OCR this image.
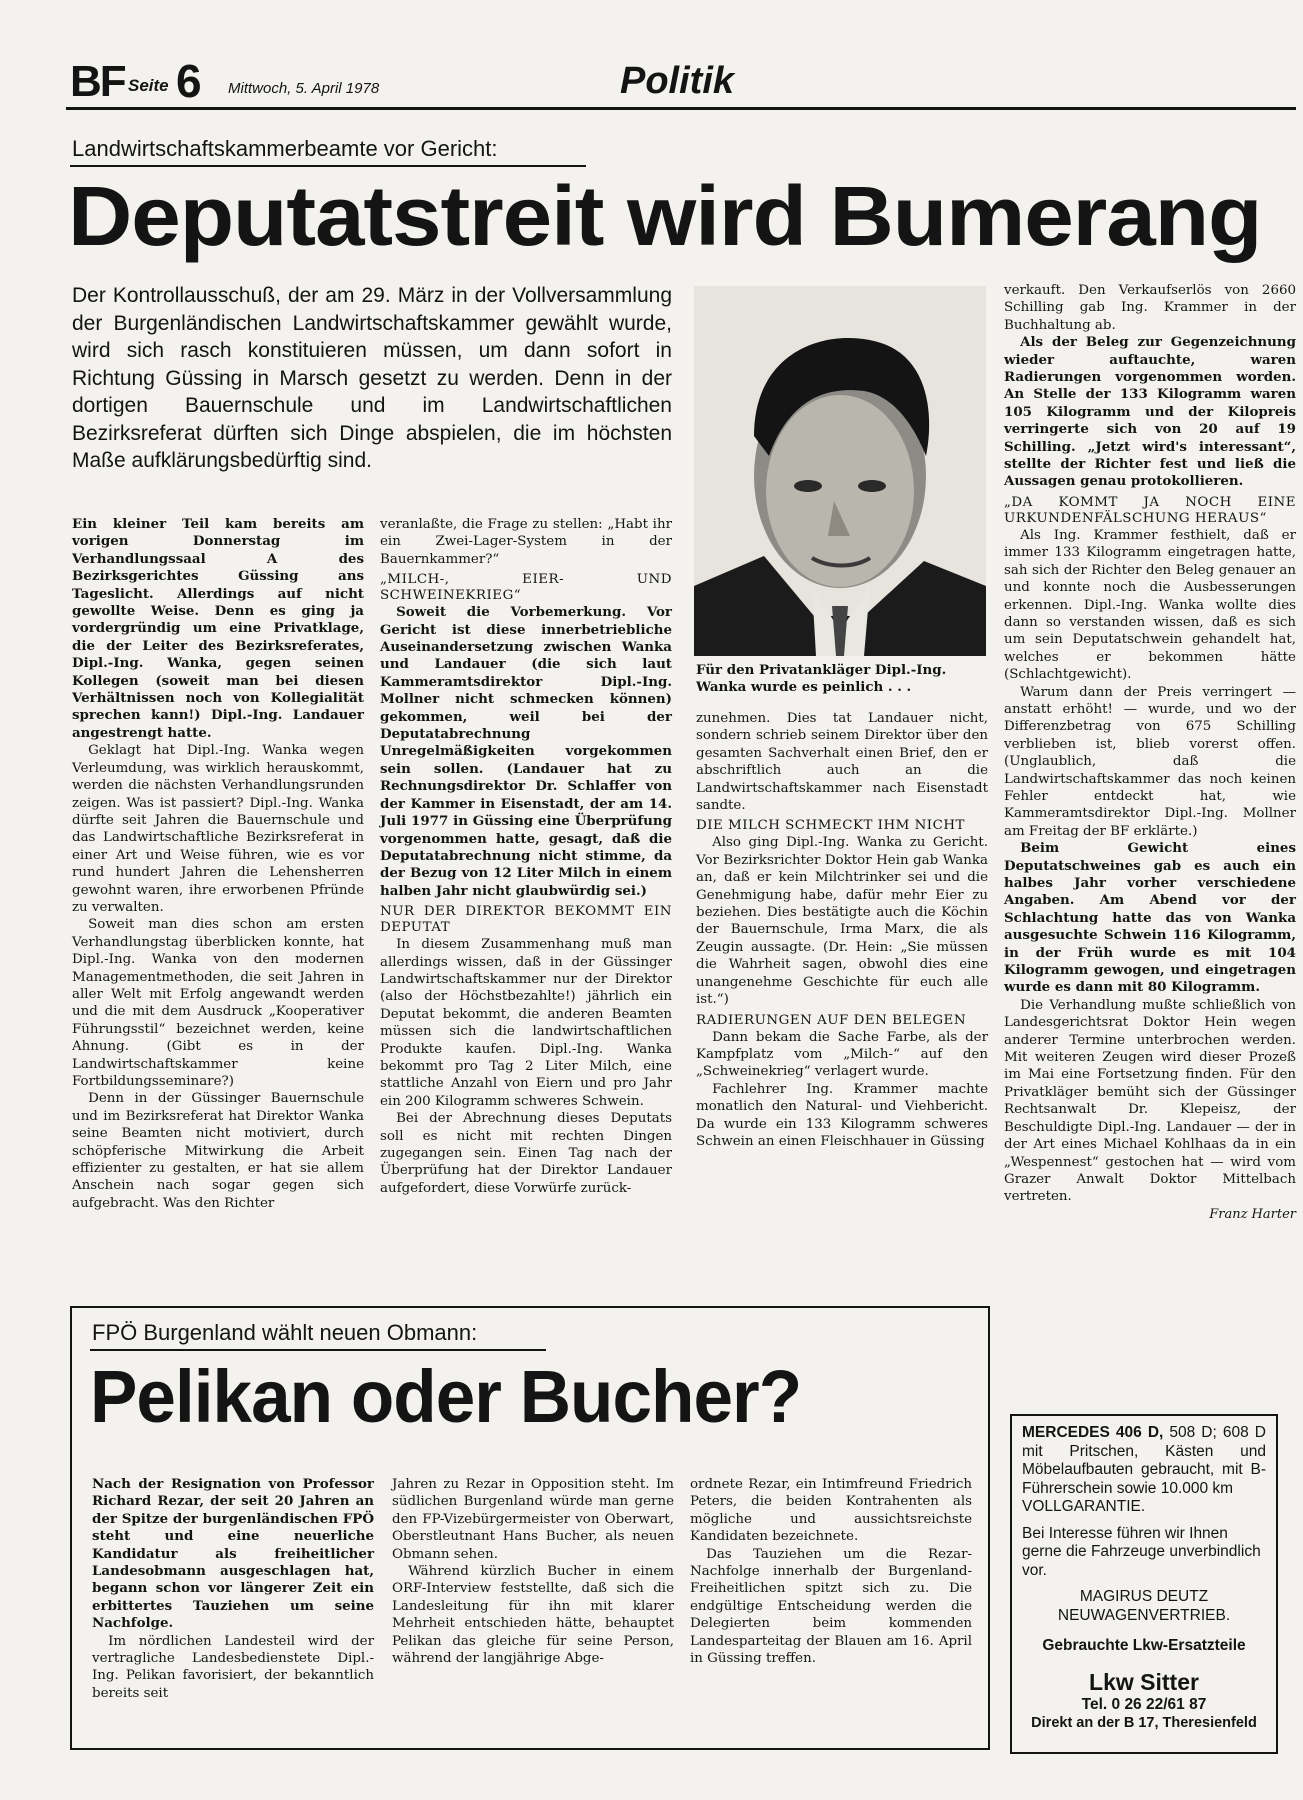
BF Seite 6 Mittwoch, 5. April 1978	Politik
Landwirtschaftskammerbeamte vor Gericht:
Deputatstreit wird Bumerang

Der Kontrollausschuß, der am 29. März in der Vollversammlung der Burgenländischen Landwirtschaftskammer gewählt wurde, wird sich rasch konstituieren müssen, um dann sofort in Richtung Güssing in Marsch gesetzt zu werden. Denn in der dortigen Bauernschule und im Landwirtschaftlichen Bezirksreferat dürften sich Dinge abspielen, die im höchsten Maße aufklärungsbedürftig sind.

Ein kleiner Teil kam bereits am vorigen Donnerstag im Verhandlungssaal A des Bezirksgerichtes Güssing ans Tageslicht. Allerdings auf nicht gewollte Weise. Denn es ging ja vordergründig um eine Privatklage, die der Leiter des Bezirksreferates, Dipl.-Ing. Wanka, gegen seinen Kollegen (soweit man bei diesen Verhältnissen noch von Kollegialität sprechen kann!) Dipl.-Ing. Landauer angestrengt hatte.

Geklagt hat Dipl.-Ing. Wanka wegen Verleumdung, was wirklich herauskommt, werden die nächsten Verhandlungsrunden zeigen. Was ist passiert? Dipl.-Ing. Wanka dürfte seit Jahren die Bauernschule und das Landwirtschaftliche Bezirksreferat in einer Art und Weise führen, wie es vor rund hundert Jahren die Lehensherren gewohnt waren, ihre erworbenen Pfründe zu verwalten.

Soweit man dies schon am ersten Verhandlungstag überblicken konnte, hat Dipl.-Ing. Wanka von den modernen Managementmethoden, die seit Jahren in aller Welt mit Erfolg angewandt werden und die mit dem Ausdruck „Kooperativer Führungsstil“ bezeichnet werden, keine Ahnung. (Gibt es in der Landwirtschaftskammer keine Fortbildungsseminare?)

Denn in der Güssinger Bauernschule und im Bezirksreferat hat Direktor Wanka seine Beamten nicht motiviert, durch schöpferische Mitwirkung die Arbeit effizienter zu gestalten, er hat sie allem Anschein nach sogar gegen sich aufgebracht. Was den Richter

veranlaßte, die Frage zu stellen: „Habt ihr ein Zwei-Lager-System in der Bauernkammer?“

„MILCH-, EIER- UND SCHWEINEKRIEG“

Soweit die Vorbemerkung. Vor Gericht ist diese innerbetriebliche Auseinandersetzung zwischen Wanka und Landauer (die sich laut Kammeramtsdirektor Dipl.-Ing. Mollner nicht schmecken können) gekommen, weil bei der Deputatabrechnung Unregelmäßigkeiten vorgekommen sein sollen. (Landauer hat zu Rechnungsdirektor Dr. Schlaffer von der Kammer in Eisenstadt, der am 14. Juli 1977 in Güssing eine Überprüfung vorgenommen hatte, gesagt, daß die Deputatabrechnung nicht stimme, da der Bezug von 12 Liter Milch in einem halben Jahr nicht glaubwürdig sei.)

NUR DER DIREKTOR BEKOMMT EIN DEPUTAT

In diesem Zusammenhang muß man allerdings wissen, daß in der Güssinger Landwirtschaftskammer nur der Direktor (also der Höchstbezahlte!) jährlich ein Deputat bekommt, die anderen Beamten müssen sich die landwirtschaftlichen Produkte kaufen. Dipl.-Ing. Wanka bekommt pro Tag 2 Liter Milch, eine stattliche Anzahl von Eiern und pro Jahr ein 200 Kilogramm schweres Schwein.

Bei der Abrechnung dieses Deputats soll es nicht mit rechten Dingen zugegangen sein. Einen Tag nach der Überprüfung hat der Direktor Landauer aufgefordert, diese Vorwürfe zurück-

Für den Privatankläger Dipl.-Ing. Wanka wurde es peinlich . . .

zunehmen. Dies tat Landauer nicht, sondern schrieb seinem Direktor über den gesamten Sachverhalt einen Brief, den er abschriftlich auch an die Landwirtschaftskammer nach Eisenstadt sandte.

DIE MILCH SCHMECKT IHM NICHT

Also ging Dipl.-Ing. Wanka zu Gericht. Vor Bezirksrichter Doktor Hein gab Wanka an, daß er kein Milchtrinker sei und die Genehmigung habe, dafür mehr Eier zu beziehen. Dies bestätigte auch die Köchin der Bauernschule, Irma Marx, die als Zeugin aussagte. (Dr. Hein: „Sie müssen die Wahrheit sagen, obwohl dies eine unangenehme Geschichte für euch alle ist.“)

RADIERUNGEN AUF DEN BELEGEN

Dann bekam die Sache Farbe, als der Kampfplatz vom „Milch-“ auf den „Schweinekrieg“ verlagert wurde.

Fachlehrer Ing. Krammer machte monatlich den Natural- und Viehbericht. Da wurde ein 133 Kilogramm schweres Schwein an einen Fleischhauer in Güssing

verkauft. Den Verkaufserlös von 2660 Schilling gab Ing. Krammer in der Buchhaltung ab.

Als der Beleg zur Gegenzeichnung wieder auftauchte, waren Radierungen vorgenommen worden. An Stelle der 133 Kilogramm waren 105 Kilogramm und der Kilopreis verringerte sich von 20 auf 19 Schilling. „Jetzt wird's interessant“, stellte der Richter fest und ließ die Aussagen genau protokollieren.

„DA KOMMT JA NOCH EINE URKUNDENFÄLSCHUNG HERAUS“

Als Ing. Krammer festhielt, daß er immer 133 Kilogramm eingetragen hatte, sah sich der Richter den Beleg genauer an und konnte noch die Ausbesserungen erkennen. Dipl.-Ing. Wanka wollte dies dann so verstanden wissen, daß es sich um sein Deputatschwein gehandelt hat, welches er bekommen hätte (Schlachtgewicht).

Warum dann der Preis verringert — anstatt erhöht! — wurde, und wo der Differenzbetrag von 675 Schilling verblieben ist, blieb vorerst offen. (Unglaublich, daß die Landwirtschaftskammer das noch keinen Fehler entdeckt hat, wie Kammeramtsdirektor Dipl.-Ing. Mollner am Freitag der BF erklärte.)

Beim Gewicht eines Deputatschweines gab es auch ein halbes Jahr vorher verschiedene Angaben. Am Abend vor der Schlachtung hatte das von Wanka ausgesuchte Schwein 116 Kilogramm, in der Früh wurde es mit 104 Kilogramm gewogen, und eingetragen wurde es dann mit 80 Kilogramm.

Die Verhandlung mußte schließlich von Landesgerichtsrat Doktor Hein wegen anderer Termine unterbrochen werden. Mit weiteren Zeugen wird dieser Prozeß im Mai eine Fortsetzung finden. Für den Privatkläger bemüht sich der Güssinger Rechtsanwalt Dr. Klepeisz, der Beschuldigte Dipl.-Ing. Landauer — der in der Art eines Michael Kohlhaas da in ein „Wespennest“ gestochen hat — wird vom Grazer Anwalt Doktor Mittelbach vertreten.

Franz Harter
FPÖ Burgenland wählt neuen Obmann:
Pelikan oder Bucher?

Nach der Resignation von Professor Richard Rezar, der seit 20 Jahren an der Spitze der burgenländischen FPÖ steht und eine neuerliche Kandidatur als freiheitlicher Landesobmann ausgeschlagen hat, begann schon vor längerer Zeit ein erbittertes Tauziehen um seine Nachfolge.

Im nördlichen Landesteil wird der vertragliche Landesbedienstete Dipl.-Ing. Pelikan favorisiert, der bekanntlich bereits seit

Jahren zu Rezar in Opposition steht. Im südlichen Burgenland würde man gerne den FP-Vizebürgermeister von Oberwart, Oberstleutnant Hans Bucher, als neuen Obmann sehen.

Während kürzlich Bucher in einem ORF-Interview feststellte, daß sich die Landesleitung für ihn mit klarer Mehrheit entschieden hätte, behauptet Pelikan das gleiche für seine Person, während der langjährige Abge-

ordnete Rezar, ein Intimfreund Friedrich Peters, die beiden Kontrahenten als mögliche und aussichtsreichste Kandidaten bezeichnete.

Das Tauziehen um die Rezar-Nachfolge innerhalb der Burgenland-Freiheitlichen spitzt sich zu. Die endgültige Entscheidung werden die Delegierten beim kommenden Landesparteitag der Blauen am 16. April in Güssing treffen.

MERCEDES 406 D, 508 D; 608 D mit Pritschen, Kästen und Möbelaufbauten gebraucht, mit B-Führerschein sowie 10.000 km

VOLLGARANTIE.

Bei Interesse führen wir Ihnen gerne die Fahrzeuge unverbindlich vor.

MAGIRUS DEUTZ

NEUWAGENVERTRIEB.

Gebrauchte Lkw-Ersatzteile

Lkw Sitter

Tel. 0 26 22/61 87

Direkt an der B 17, Theresienfeld
